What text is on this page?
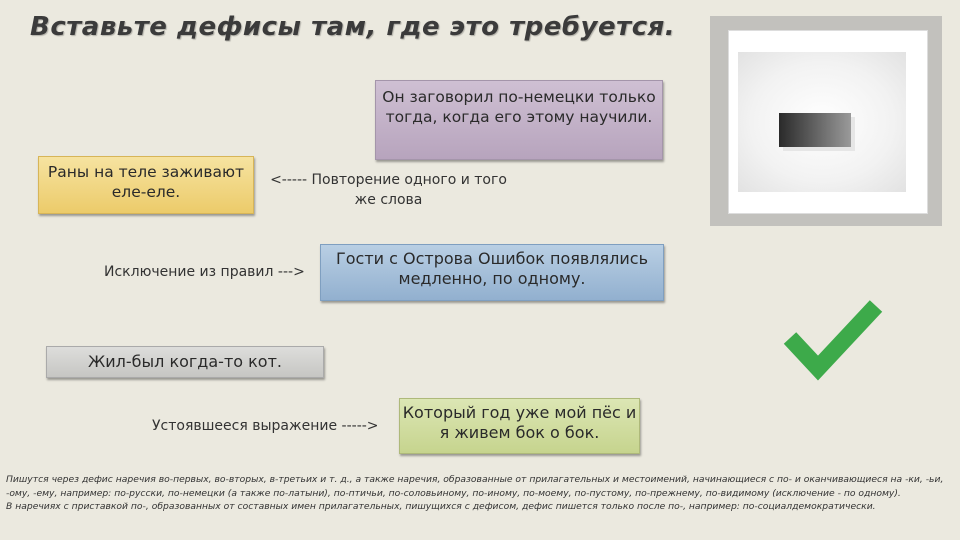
Вставьте дефисы там, где это требуется.
Он заговорил по-немецки только тогда, когда его этому научили.
Раны на теле заживают еле-еле.
Гости с Острова Ошибок появлялись медленно, по одному.
Жил-был когда-то кот.
Который год уже мой пёс и я живем бок о бок.
<----- Повторение одного и того
же слова
Исключение из правил --->
Устоявшееся выражение ----->

Пишутся через дефис наречия во-первых, во-вторых, в-третьих и т. д., а также наречия, образованные от прилагательных и местоимений, начинающиеся с по- и оканчивающиеся на -ки, -ьи, -ому, -ему, например: по-русски, по-немецки (а также по-латыни), по-птичьи, по-соловьиному, по-иному, по-моему, по-пустому, по-прежнему, по-видимому (исключение - по одному).

В наречиях с приставкой по-, образованных от составных имен прилагательных, пишущихся с дефисом, дефис пишется только после по-, например: по-социалдемократически.
